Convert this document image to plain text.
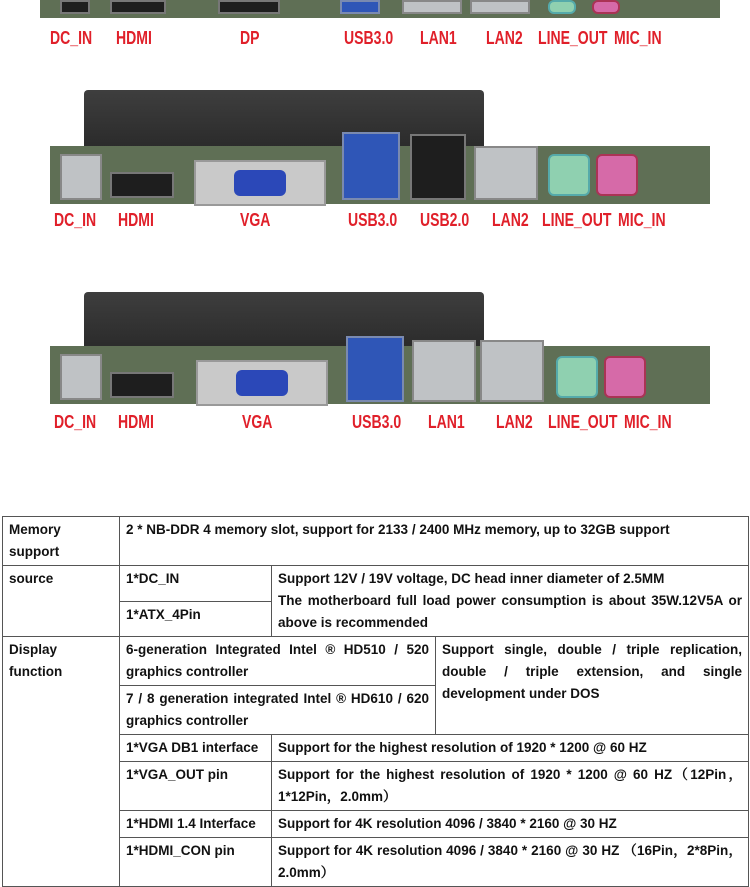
DC_IN HDMI	DP	USB3.0 LAN1 LAN2 LINE_OUT MIC_IN
DC_IN HDMI	VGA	USB3.0 USB2.0 LAN2 LINE_OUT MIC_IN
DC_IN HDMI	VGA	USB3.0 LAN1 LAN2 LINE_OUT MIC_IN
Memory support	2 * NB-DDR 4 memory slot, support for 2133 / 2400 MHz memory, up to 32GB support		
source	1*DC_IN	Support 12V / 19V voltage, DC head inner diameter of 2.5MM
The motherboard full load power consumption is about 35W.12V5A or above is recommended	

	1*ATX_4Pin		
Display function	6-generation Integrated Intel ® HD510 / 520 graphics controller		Support single, double / triple replication, double / triple extension, and single development under DOS
	7 / 8 generation integrated Intel ® HD610 / 620 graphics controller		
	1*VGA DB1 interface	Support for the highest resolution of 1920 * 1200 @ 60 HZ	
	1*VGA_OUT pin	Support for the highest resolution of 1920 * 1200 @ 60 HZ（12Pin，1*12Pin，2.0mm）	
	1*HDMI 1.4 Interface	Support for 4K resolution 4096 / 3840 * 2160 @ 30 HZ	
	1*HDMI_CON pin	Support for 4K resolution 4096 / 3840 * 2160 @ 30 HZ （16Pin，2*8Pin，2.0mm）	
